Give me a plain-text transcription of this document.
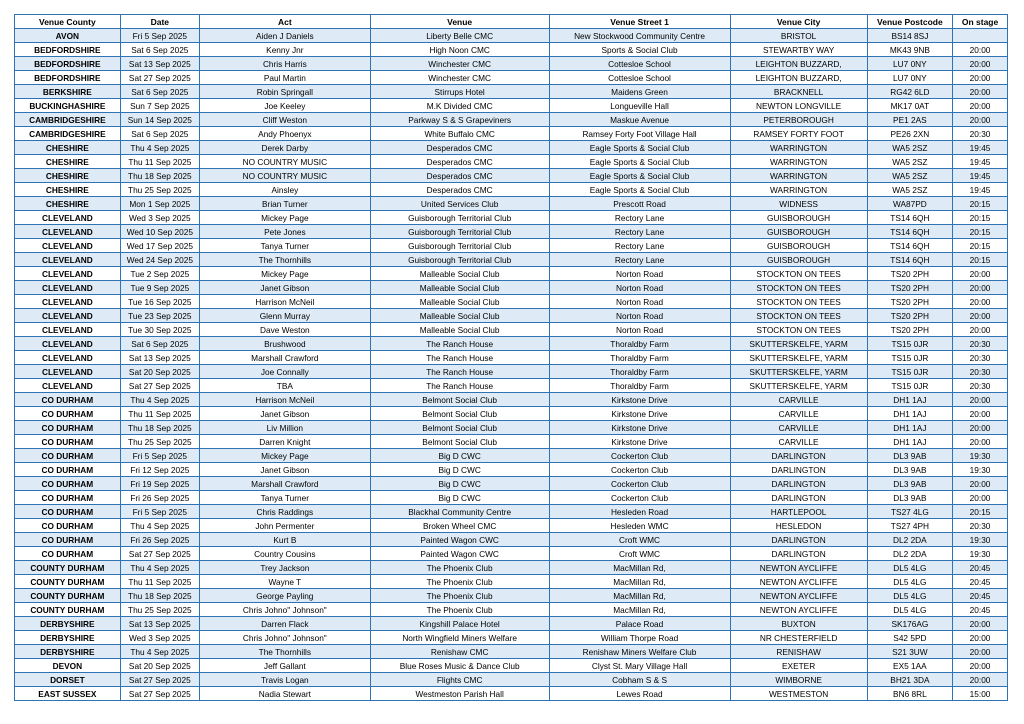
Venue County	Date	Act	Venue	Venue Street 1	Venue City	Venue Postcode	On stage
AVON	Fri 5 Sep 2025	Aiden J Daniels	Liberty Belle CMC	New Stockwood Community Centre	BRISTOL	BS14 8SJ	
BEDFORDSHIRE	Sat 6 Sep 2025	Kenny Jnr	High Noon CMC	Sports & Social Club	STEWARTBY WAY	MK43 9NB	20:00
BEDFORDSHIRE	Sat 13 Sep 2025	Chris Harris	Winchester CMC	Cottesloe School	LEIGHTON BUZZARD,	LU7 0NY	20:00
BEDFORDSHIRE	Sat 27 Sep 2025	Paul Martin	Winchester CMC	Cottesloe School	LEIGHTON BUZZARD,	LU7 0NY	20:00
BERKSHIRE	Sat 6 Sep 2025	Robin Springall	Stirrups Hotel	Maidens Green	BRACKNELL	RG42 6LD	20:00
BUCKINGHASHIRE	Sun 7 Sep 2025	Joe Keeley	M.K Divided CMC	Longueville Hall	NEWTON LONGVILLE	MK17 0AT	20:00
CAMBRIDGESHIRE	Sun 14 Sep 2025	Cliff Weston	Parkway S & S Grapeviners	Maskue Avenue	PETERBOROUGH	PE1 2AS	20:00
CAMBRIDGESHIRE	Sat 6 Sep 2025	Andy Phoenyx	White Buffalo CMC	Ramsey Forty Foot Village Hall	RAMSEY FORTY FOOT	PE26 2XN	20:30
CHESHIRE	Thu 4 Sep 2025	Derek Darby	Desperados CMC	Eagle Sports & Social Club	WARRINGTON	WA5 2SZ	19:45
CHESHIRE	Thu 11 Sep 2025	NO COUNTRY MUSIC	Desperados CMC	Eagle Sports & Social Club	WARRINGTON	WA5 2SZ	19:45
CHESHIRE	Thu 18 Sep 2025	NO COUNTRY MUSIC	Desperados CMC	Eagle Sports & Social Club	WARRINGTON	WA5 2SZ	19:45
CHESHIRE	Thu 25 Sep 2025	Ainsley	Desperados CMC	Eagle Sports & Social Club	WARRINGTON	WA5 2SZ	19:45
CHESHIRE	Mon 1 Sep 2025	Brian Turner	United Services Club	Prescott Road	WIDNESS	WA87PD	20:15
CLEVELAND	Wed 3 Sep 2025	Mickey Page	Guisborough Territorial Club	Rectory Lane	GUISBOROUGH	TS14 6QH	20:15
CLEVELAND	Wed 10 Sep 2025	Pete Jones	Guisborough Territorial Club	Rectory Lane	GUISBOROUGH	TS14 6QH	20:15
CLEVELAND	Wed 17 Sep 2025	Tanya Turner	Guisborough Territorial Club	Rectory Lane	GUISBOROUGH	TS14 6QH	20:15
CLEVELAND	Wed 24 Sep 2025	The Thornhills	Guisborough Territorial Club	Rectory Lane	GUISBOROUGH	TS14 6QH	20:15
CLEVELAND	Tue 2 Sep 2025	Mickey Page	Malleable Social Club	Norton Road	STOCKTON ON TEES	TS20 2PH	20:00
CLEVELAND	Tue 9 Sep 2025	Janet Gibson	Malleable Social Club	Norton Road	STOCKTON ON TEES	TS20 2PH	20:00
CLEVELAND	Tue 16 Sep 2025	Harrison McNeil	Malleable Social Club	Norton Road	STOCKTON ON TEES	TS20 2PH	20:00
CLEVELAND	Tue 23 Sep 2025	Glenn Murray	Malleable Social Club	Norton Road	STOCKTON ON TEES	TS20 2PH	20:00
CLEVELAND	Tue 30 Sep 2025	Dave Weston	Malleable Social Club	Norton Road	STOCKTON ON TEES	TS20 2PH	20:00
CLEVELAND	Sat 6 Sep 2025	Brushwood	The Ranch House	Thoraldby Farm	SKUTTERSKELFE, YARM	TS15 0JR	20:30
CLEVELAND	Sat 13 Sep 2025	Marshall Crawford	The Ranch House	Thoraldby Farm	SKUTTERSKELFE, YARM	TS15 0JR	20:30
CLEVELAND	Sat 20 Sep 2025	Joe Connally	The Ranch House	Thoraldby Farm	SKUTTERSKELFE, YARM	TS15 0JR	20:30
CLEVELAND	Sat 27 Sep 2025	TBA	The Ranch House	Thoraldby Farm	SKUTTERSKELFE, YARM	TS15 0JR	20:30
CO DURHAM	Thu 4 Sep 2025	Harrison McNeil	Belmont Social Club	Kirkstone Drive	CARVILLE	DH1 1AJ	20:00
CO DURHAM	Thu 11 Sep 2025	Janet Gibson	Belmont Social Club	Kirkstone Drive	CARVILLE	DH1 1AJ	20:00
CO DURHAM	Thu 18 Sep 2025	Liv Million	Belmont Social Club	Kirkstone Drive	CARVILLE	DH1 1AJ	20:00
CO DURHAM	Thu 25 Sep 2025	Darren Knight	Belmont Social Club	Kirkstone Drive	CARVILLE	DH1 1AJ	20:00
CO DURHAM	Fri 5 Sep 2025	Mickey Page	Big D CWC	Cockerton Club	DARLINGTON	DL3 9AB	19:30
CO DURHAM	Fri 12 Sep 2025	Janet Gibson	Big D CWC	Cockerton Club	DARLINGTON	DL3 9AB	19:30
CO DURHAM	Fri 19 Sep 2025	Marshall Crawford	Big D CWC	Cockerton Club	DARLINGTON	DL3 9AB	20:00
CO DURHAM	Fri 26 Sep 2025	Tanya Turner	Big D CWC	Cockerton Club	DARLINGTON	DL3 9AB	20:00
CO DURHAM	Fri 5 Sep 2025	Chris Raddings	Blackhal Community Centre	Hesleden Road	HARTLEPOOL	TS27 4LG	20:15
CO DURHAM	Thu 4 Sep 2025	John Permenter	Broken Wheel CMC	Hesleden WMC	HESLEDON	TS27 4PH	20:30
CO DURHAM	Fri 26 Sep 2025	Kurt B	Painted Wagon CWC	Croft WMC	DARLINGTON	DL2 2DA	19:30
CO DURHAM	Sat 27 Sep 2025	Country Cousins	Painted Wagon CWC	Croft WMC	DARLINGTON	DL2 2DA	19:30
COUNTY DURHAM	Thu 4 Sep 2025	Trey Jackson	The Phoenix Club	MacMillan Rd,	NEWTON AYCLIFFE	DL5 4LG	20:45
COUNTY DURHAM	Thu 11 Sep 2025	Wayne T	The Phoenix Club	MacMillan Rd,	NEWTON AYCLIFFE	DL5 4LG	20:45
COUNTY DURHAM	Thu 18 Sep 2025	George Payling	The Phoenix Club	MacMillan Rd,	NEWTON AYCLIFFE	DL5 4LG	20:45
COUNTY DURHAM	Thu 25 Sep 2025	Chris Johno" Johnson"	The Phoenix Club	MacMillan Rd,	NEWTON AYCLIFFE	DL5 4LG	20:45
DERBYSHIRE	Sat 13 Sep 2025	Darren Flack	Kingshill Palace Hotel	Palace Road	BUXTON	SK176AG	20:00
DERBYSHIRE	Wed 3 Sep 2025	Chris Johno" Johnson"	North Wingfield Miners Welfare	William Thorpe Road	NR CHESTERFIELD	S42 5PD	20:00
DERBYSHIRE	Thu 4 Sep 2025	The Thornhills	Renishaw CMC	Renishaw Miners Welfare Club	RENISHAW	S21 3UW	20:00
DEVON	Sat 20 Sep 2025	Jeff Gallant	Blue Roses Music & Dance Club	Clyst St. Mary Village Hall	EXETER	EX5 1AA	20:00
DORSET	Sat 27 Sep 2025	Travis Logan	Flights CMC	Cobham S & S	WIMBORNE	BH21 3DA	20:00
EAST SUSSEX	Sat 27 Sep 2025	Nadia Stewart	Westmeston Parish Hall	Lewes Road	WESTMESTON	BN6 8RL	15:00
